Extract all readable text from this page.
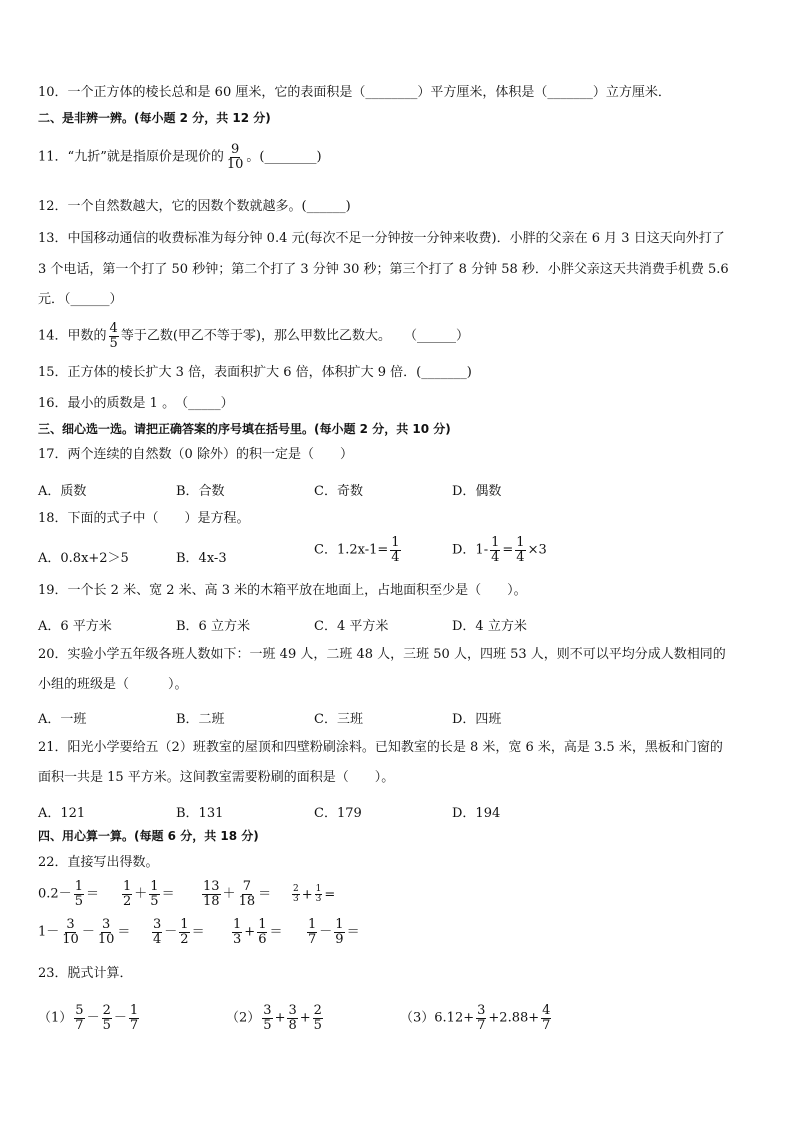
10．一个正方体的棱长总和是 60 厘米，它的表面积是（________）平方厘米，体积是（_______）立方厘米．
二、是非辨一辨。(每小题 2 分，共 12 分)
11．“九折”就是指原价是现价的 $\frac{9}{10}$ 。(________)
12．一个自然数越大，它的因数个数就越多。(______)
13．中国移动通信的收费标准为每分钟 0.4 元(每次不足一分钟按一分钟来收费)．小胖的父亲在 6 月 3 日这天向外打了
3 个电话，第一个打了 50 秒钟；第二个打了 3 分钟 30 秒；第三个打了 8 分钟 58 秒．小胖父亲这天共消费手机费 5.6
元．（______）
14．甲数的 $\frac{4}{5}$ 等于乙数(甲乙不等于零)，那么甲数比乙数大。　　（______）
15．正方体的棱长扩大 3 倍，表面积扩大 6 倍，体积扩大 9 倍．(_______)
16．最小的质数是 1 。　（_____）
三、细心选一选。请把正确答案的序号填在括号里。(每小题 2 分，共 10 分)
17．两个连续的自然数（0 除外）的积一定是（　　）
A．质数	B．合数	C．奇数	D．偶数
18．下面的式子中（　　）是方程。
A．0.8x+2＞5	B．4x-3
C．$1.2x-1= \frac{1}{4}$	D．$1- \frac{1}{4} = \frac{1}{4} \times 3$
19．一个长 2 米、宽 2 米、高 3 米的木箱平放在地面上，占地面积至少是（　　）。
A．6 平方米	B．6 立方米	C．4 平方米	D．4 立方米
20．实验小学五年级各班人数如下：一班 49 人，二班 48 人，三班 50 人，四班 53 人，则不可以平均分成人数相同的
小组的班级是（　　　）。
A．一班	B．二班	C．三班	D．四班
21．阳光小学要给五（2）班教室的屋顶和四壁粉刷涂料。已知教室的长是 8 米，宽 6 米，高是 3.5 米，黑板和门窗的
面积一共是 15 平方米。这间教室需要粉刷的面积是（　　）。
A．121	B．131	C．179	D．194
四、用心算一算。(每题 6 分，共 18 分)
22．直接写出得数。
$0.2- \frac{1}{5} = \frac{1}{2} + \frac{1}{5} = \frac{13}{18} + \frac{7}{18} = \frac{2}{3} + \frac{1}{3}$ =
$1- \frac{3}{10} - \frac{3}{10} = \frac{3}{4} - \frac{1}{2} = \frac{1}{3} + \frac{1}{6} = \frac{1}{7} - \frac{1}{9}$ ＝
23．脱式计算．
$(1) \frac{5}{7} - \frac{2}{5} - \frac{1}{7}$	$(2) \frac{3}{5} + \frac{3}{8} + \frac{2}{5}$	$(3)6.12+ \frac{3}{7} +2.88+ \frac{4}{7}$
